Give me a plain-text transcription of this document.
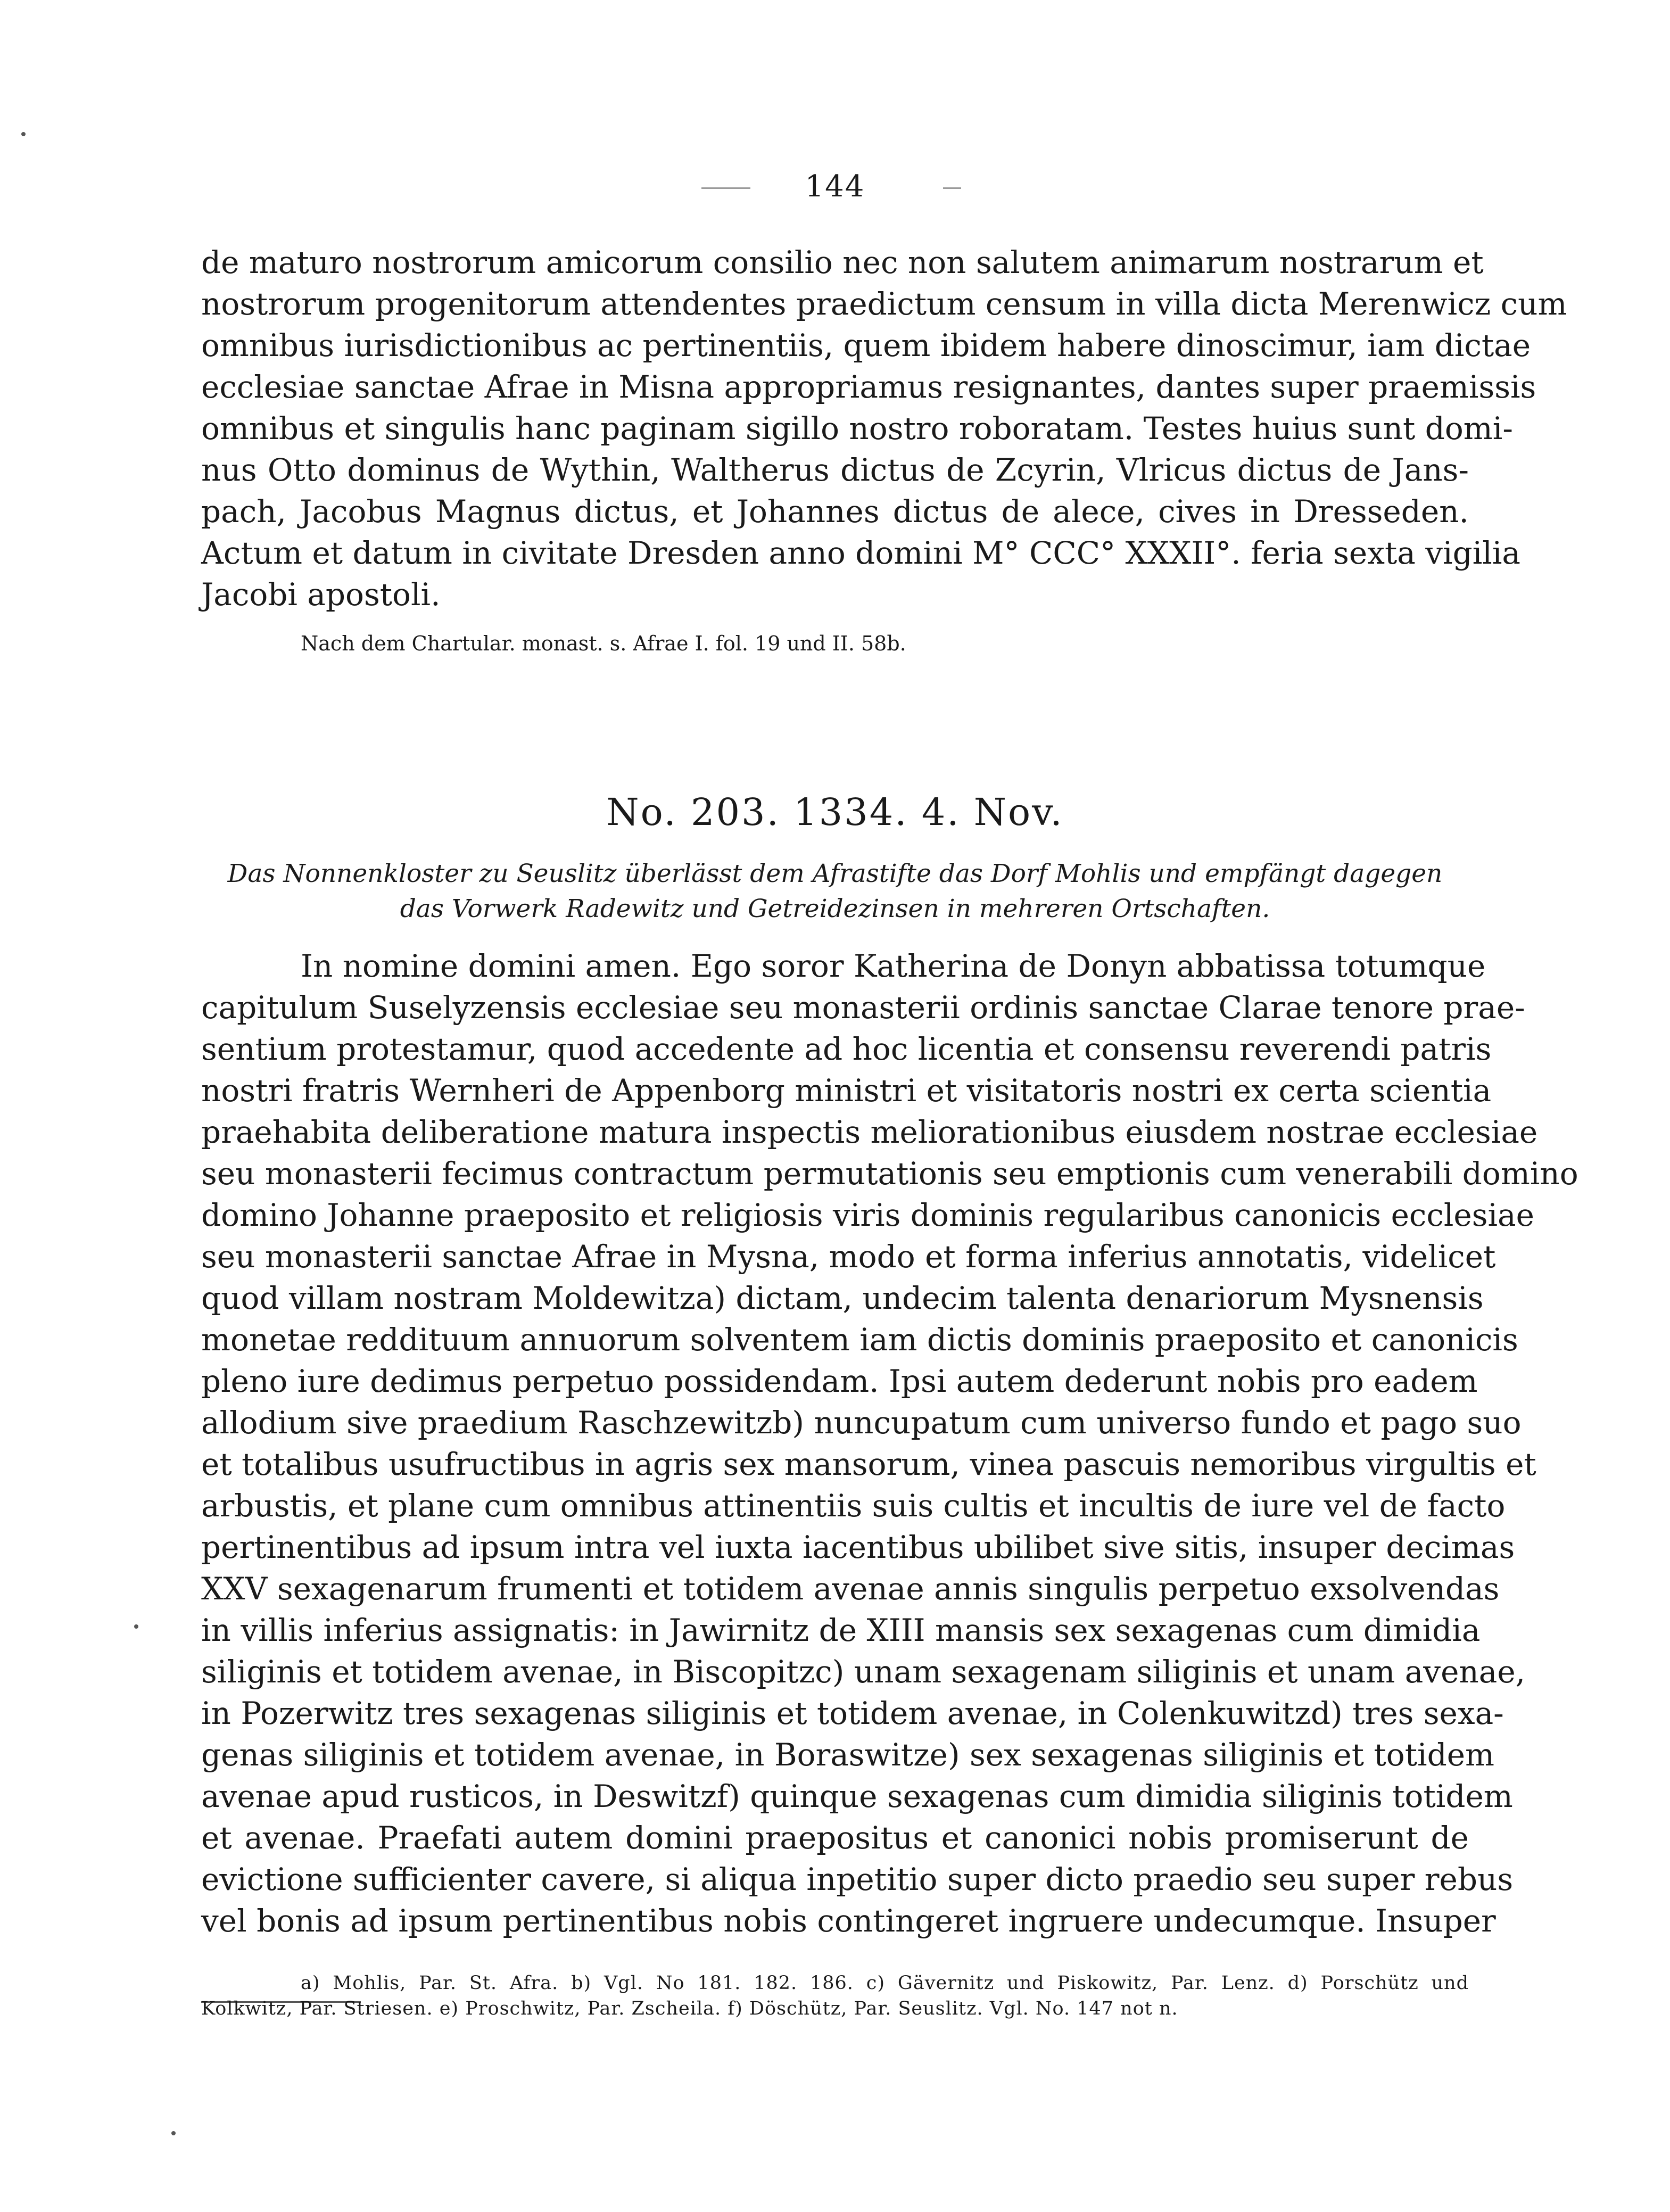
144
de maturo nostrorum amicorum consilio nec non salutem animarum nostrarum et
nostrorum progenitorum attendentes praedictum censum in villa dicta Merenwicz cum
omnibus iurisdictionibus ac pertinentiis, quem ibidem habere dinoscimur, iam dictae
ecclesiae sanctae Afrae in Misna appropriamus resignantes, dantes super praemissis
omnibus et singulis hanc paginam sigillo nostro roboratam. Testes huius sunt domi-
nus Otto dominus de Wythin, Waltherus dictus de Zcyrin, Vlricus dictus de Jans-
pach, Jacobus Magnus dictus, et Johannes dictus de alece, cives in Dresseden.
Actum et datum in civitate Dresden anno domini M° CCC° XXXII°. feria sexta vigilia
Jacobi apostoli.
Nach dem Chartular. monast. s. Afrae I. fol. 19 und II. 58b.
No. 203. 1334. 4. Nov.
Das Nonnenkloster zu Seuslitz überlässt dem Afrastifte das Dorf Mohlis und empfängt dagegen
das Vorwerk Radewitz und Getreidezinsen in mehreren Ortschaften.
In nomine domini amen. Ego soror Katherina de Donyn abbatissa totumque
capitulum Suselyzensis ecclesiae seu monasterii ordinis sanctae Clarae tenore prae-
sentium protestamur, quod accedente ad hoc licentia et consensu reverendi patris
nostri fratris Wernheri de Appenborg ministri et visitatoris nostri ex certa scientia
praehabita deliberatione matura inspectis meliorationibus eiusdem nostrae ecclesiae
seu monasterii fecimus contractum permutationis seu emptionis cum venerabili domino
domino Johanne praeposito et religiosis viris dominis regularibus canonicis ecclesiae
seu monasterii sanctae Afrae in Mysna, modo et forma inferius annotatis, videlicet
quod villam nostram Moldewitza) dictam, undecim talenta denariorum Mysnensis
monetae reddituum annuorum solventem iam dictis dominis praeposito et canonicis
pleno iure dedimus perpetuo possidendam. Ipsi autem dederunt nobis pro eadem
allodium sive praedium Raschzewitzb) nuncupatum cum universo fundo et pago suo
et totalibus usufructibus in agris sex mansorum, vinea pascuis nemoribus virgultis et
arbustis, et plane cum omnibus attinentiis suis cultis et incultis de iure vel de facto
pertinentibus ad ipsum intra vel iuxta iacentibus ubilibet sive sitis, insuper decimas
XXV sexagenarum frumenti et totidem avenae annis singulis perpetuo exsolvendas
in villis inferius assignatis: in Jawirnitz de XIII mansis sex sexagenas cum dimidia
siliginis et totidem avenae, in Biscopitzc) unam sexagenam siliginis et unam avenae,
in Pozerwitz tres sexagenas siliginis et totidem avenae, in Colenkuwitzd) tres sexa-
genas siliginis et totidem avenae, in Boraswitze) sex sexagenas siliginis et totidem
avenae apud rusticos, in Deswitzf) quinque sexagenas cum dimidia siliginis totidem
et avenae. Praefati autem domini praepositus et canonici nobis promiserunt de
evictione sufficienter cavere, si aliqua inpetitio super dicto praedio seu super rebus
vel bonis ad ipsum pertinentibus nobis contingeret ingruere undecumque. Insuper
a) Mohlis, Par. St. Afra. b) Vgl. No 181. 182. 186. c) Gävernitz und Piskowitz, Par. Lenz. d) Porschütz und
Kolkwitz, Par. Striesen. e) Proschwitz, Par. Zscheila. f) Döschütz, Par. Seuslitz. Vgl. No. 147 not n.
